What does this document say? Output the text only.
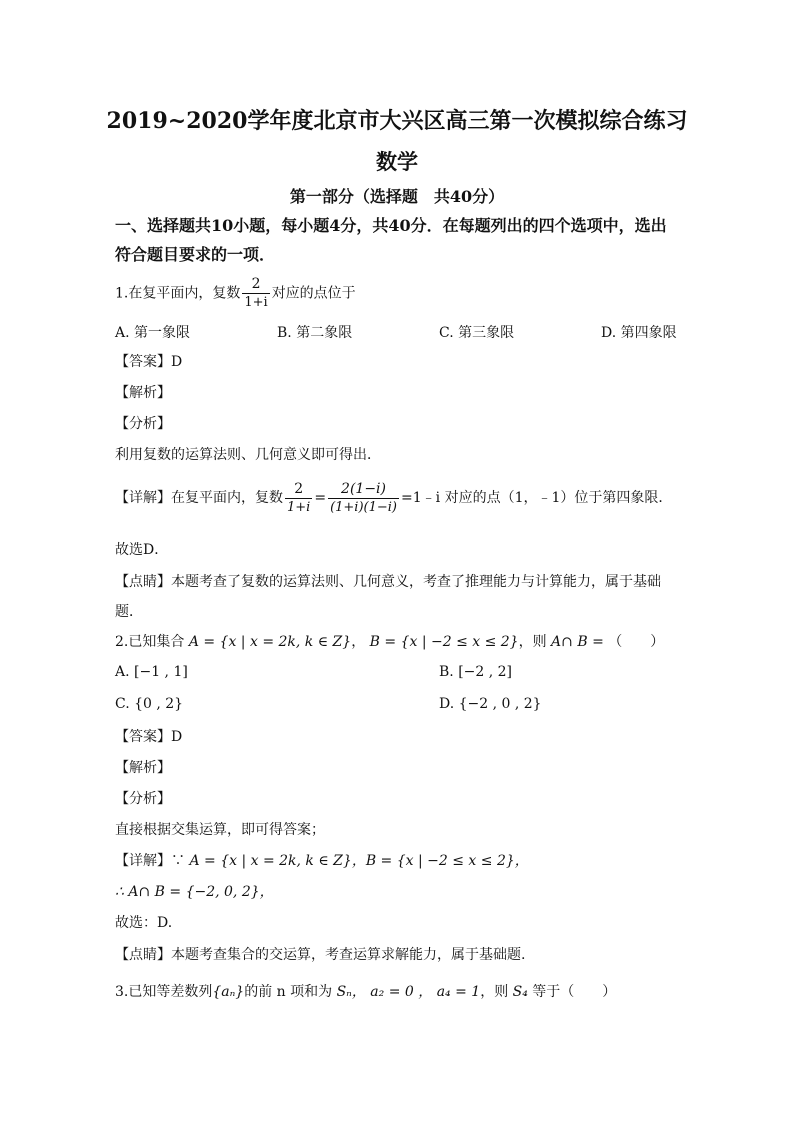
2019~2020学年度北京市大兴区高三第一次模拟综合练习
数学
第一部分（选择题　共40分）
一、选择题共10小题，每小题4分，共40分．在每题列出的四个选项中，选出
符合题目要求的一项．
1.在复平面内，复数 $\frac{2}{1+i}$ 对应的点位于
A. 第一象限	B. 第二象限	C. 第三象限	D. 第四象限
【答案】D
【解析】
【分析】
利用复数的运算法则、几何意义即可得出．
【详解】在复平面内，复数 $\frac{2}{1+i} = \frac{2(1-i)}{(1+i)(1-i)}$ =1﹣i 对应的点（1，﹣1）位于第四象限．
故选D．
【点睛】本题考查了复数的运算法则、几何意义，考查了推理能力与计算能力，属于基础
题．
2.已知集合 A = {x | x = 2k, k ∈ Z}， B = {x | −2 ≤ x ≤ 2}，则 A∩ B = （　　）
A. [−1 , 1]	B. [−2 , 2]
C. {0 , 2}	D. {−2 , 0 , 2}
【答案】D
【解析】
【分析】
直接根据交集运算，即可得答案；
【详解】∵ A = {x | x = 2k, k ∈ Z}，B = {x | −2 ≤ x ≤ 2}，
∴ A∩ B = {−2, 0, 2}，
故选：D.
【点睛】本题考查集合的交运算，考查运算求解能力，属于基础题.
3.已知等差数列{aₙ}的前 n 项和为 Sₙ， a₂ = 0 ， a₄ = 1，则 S₄ 等于（　　）
